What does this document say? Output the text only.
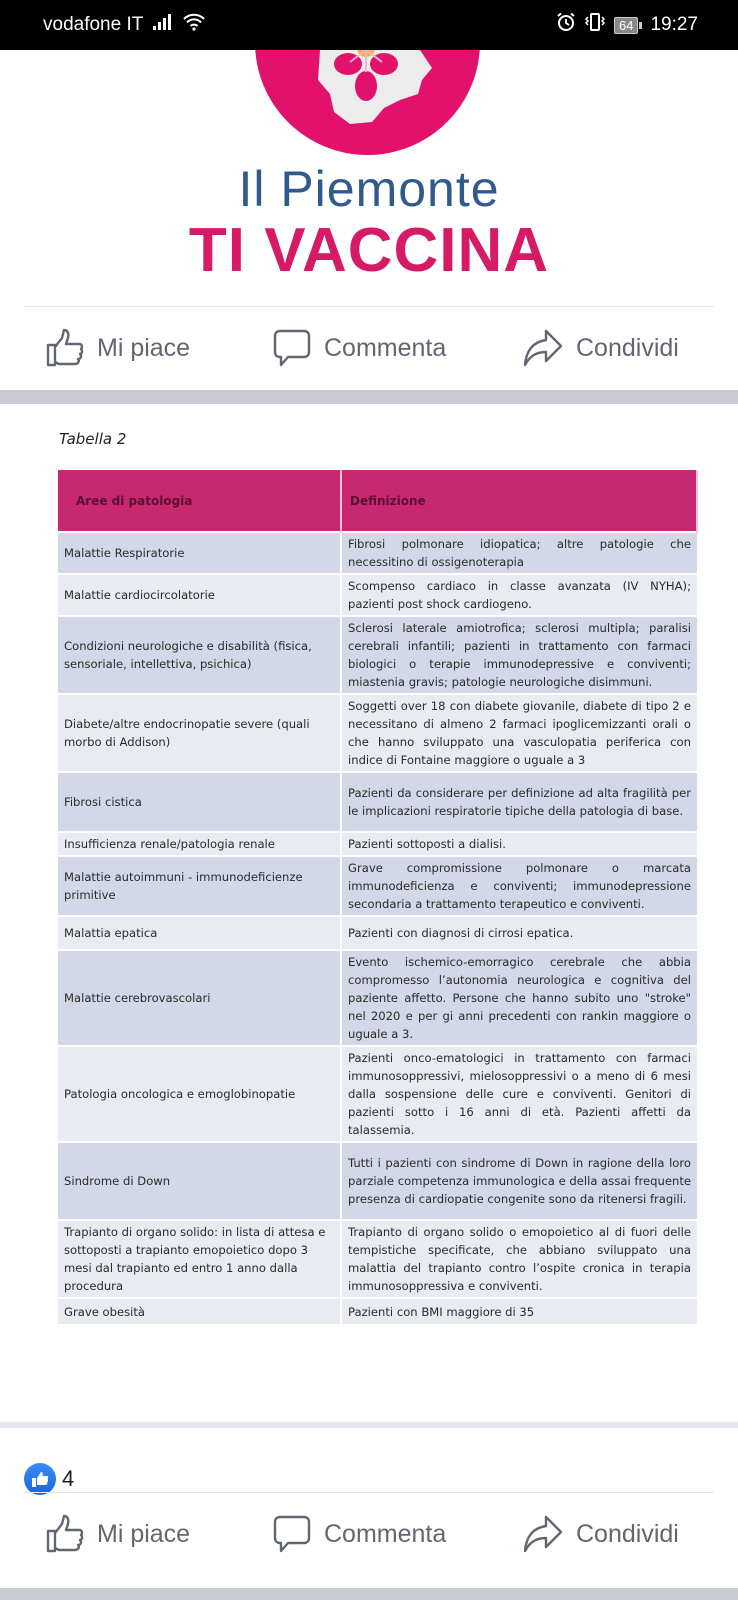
vodafone IT	64 19:27
Il Piemonte
TI VACCINA
Mi piace	Commenta	Condividi
Tabella 2
Aree di patologia	Definizione
Malattie Respiratorie	Fibrosi polmonare idiopatica; altre patologie che necessitino di ossigenoterapia
Malattie cardiocircolatorie	Scompenso cardiaco in classe avanzata (IV NYHA); pazienti post shock cardiogeno.
Condizioni neurologiche e disabilità (fisica, sensoriale, intellettiva, psichica)	Sclerosi laterale amiotrofica; sclerosi multipla; paralisi cerebrali infantili; pazienti in trattamento con farmaci biologici o terapie immunodepressive e conviventi; miastenia gravis; patologie neurologiche disimmuni.
Diabete/altre endocrinopatie severe (quali morbo di Addison)	Soggetti over 18 con diabete giovanile, diabete di tipo 2 e necessitano di almeno 2 farmaci ipoglicemizzanti orali o che hanno sviluppato una vasculopatia periferica con indice di Fontaine maggiore o uguale a 3
Fibrosi cistica	Pazienti da considerare per definizione ad alta fragilità per le implicazioni respiratorie tipiche della patologia di base.
Insufficienza renale/patologia renale	Pazienti sottoposti a dialisi.
Malattie autoimmuni - immunodeficienze primitive	Grave compromissione polmonare o marcata immunodeficienza e conviventi; immunodepressione secondaria a trattamento terapeutico e conviventi.
Malattia epatica	Pazienti con diagnosi di cirrosi epatica.
Malattie cerebrovascolari	Evento ischemico-emorragico cerebrale che abbia compromesso l’autonomia neurologica e cognitiva del paziente affetto. Persone che hanno subito uno "stroke" nel 2020 e per gi anni precedenti con rankin maggiore o uguale a 3.
Patologia oncologica e emoglobinopatie	Pazienti onco-ematologici in trattamento con farmaci immunosoppressivi, mielosoppressivi o a meno di 6 mesi dalla sospensione delle cure e conviventi. Genitori di pazienti sotto i 16 anni di età. Pazienti affetti da talassemia.
Sindrome di Down	Tutti i pazienti con sindrome di Down in ragione della loro parziale competenza immunologica e della assai frequente presenza di cardiopatie congenite sono da ritenersi fragili.
Trapianto di organo solido: in lista di attesa e sottoposti a trapianto emopoietico dopo 3 mesi dal trapianto ed entro 1 anno dalla procedura	Trapianto di organo solido o emopoietico al di fuori delle tempistiche specificate, che abbiano sviluppato una malattia del trapianto contro l’ospite cronica in terapia immunosoppressiva e conviventi.
Grave obesità	Pazienti con BMI maggiore di 35
4
Mi piace	Commenta	Condividi
